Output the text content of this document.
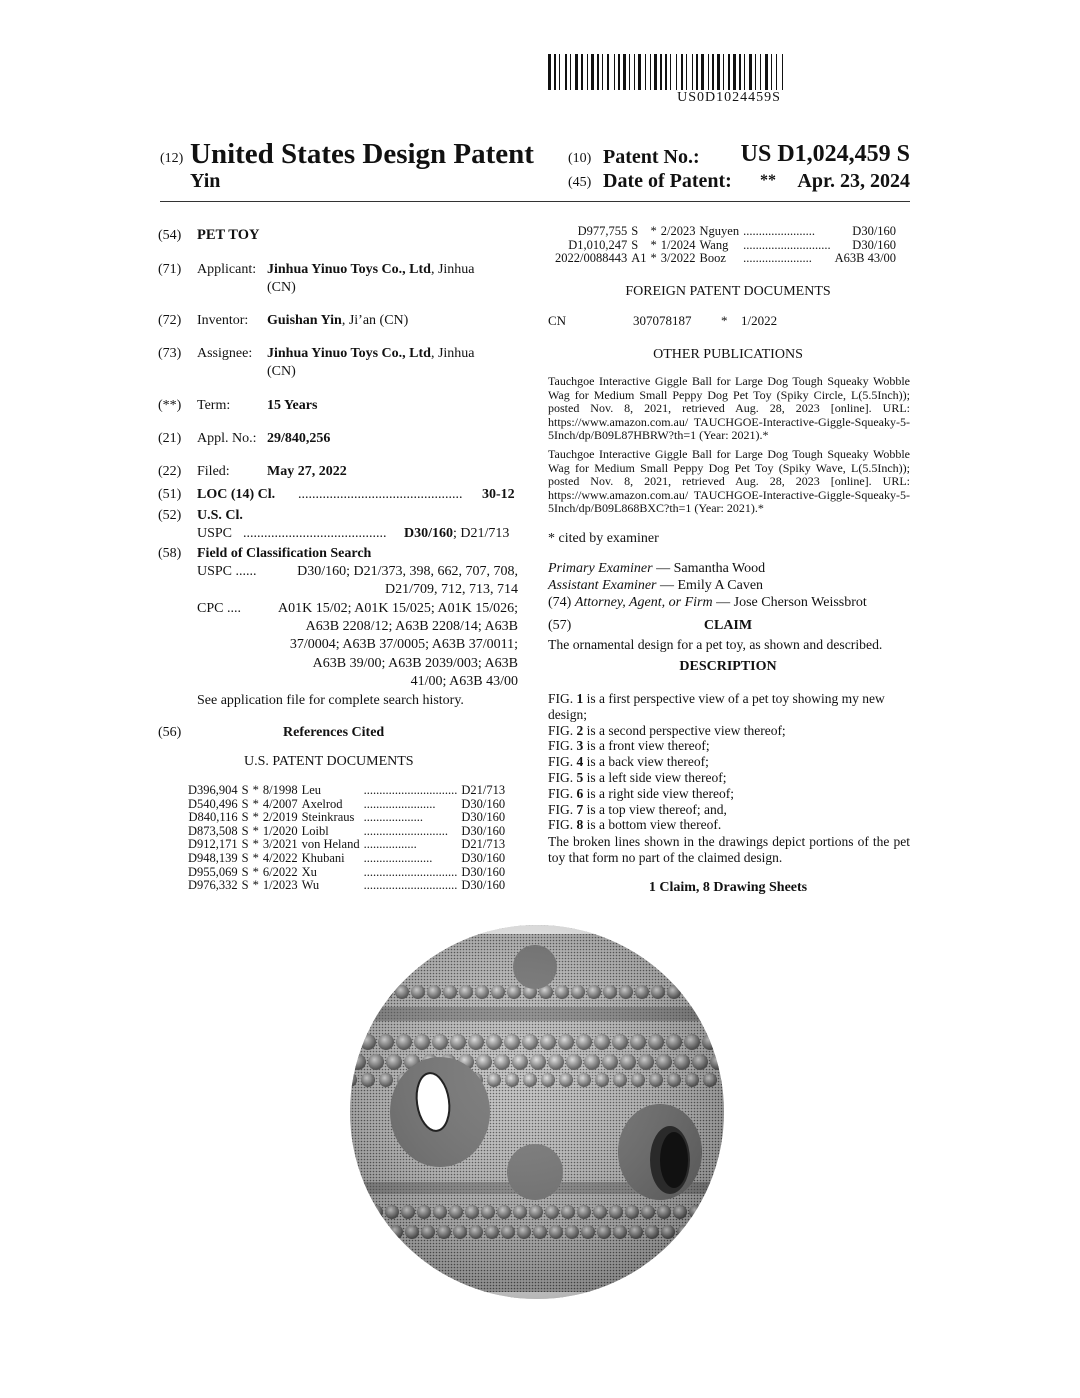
US0D1024459S
(12) United States Design Patent
Yin
(10) Patent No.: US D1,024,459 S
(45) Date of Patent: ** Apr. 23, 2024
(54) PET TOY
(71) Applicant: Jinhua Yinuo Toys Co., Ltd, Jinhua
(CN)
(72) Inventor: Guishan Yin, Ji’an (CN)
(73) Assignee: Jinhua Yinuo Toys Co., Ltd, Jinhua
(CN)
(**) Term:	15 Years
(21) Appl. No.: 29/840,256
(22) Filed:	May 27, 2022
(51) LOC (14) Cl. ...............................................	30-12
(52) U.S. Cl.
USPC .........................................	D30/160; D21/713
(58) Field of Classification Search
USPC ......	D30/160; D21/373, 398, 662, 707, 708,
D21/709, 712, 713, 714
CPC ....	A01K 15/02; A01K 15/025; A01K 15/026;
A63B 2208/12; A63B 2208/14; A63B
37/0004; A63B 37/0005; A63B 37/0011;
A63B 39/00; A63B 2039/003; A63B
41/00; A63B 43/00
See application file for complete search history.
(56)	References Cited
U.S. PATENT DOCUMENTS
D396,904	S	*	8/1998	Leu	..............................	D21/713
D540,496	S	*	4/2007	Axelrod	.......................	D30/160
D840,116	S	*	2/2019	Steinkraus	...................	D30/160
D873,508	S	*	1/2020	Loibl	...........................	D30/160
D912,171	S	*	3/2021	von Heland	.................	D21/713
D948,139	S	*	4/2022	Khubani	......................	D30/160
D955,069	S	*	6/2022	Xu	..............................	D30/160
D976,332	S	*	1/2023	Wu	..............................	D30/160
D977,755	S	*	2/2023	Nguyen	.......................	D30/160
D1,010,247	S	*	1/2024	Wang	............................	D30/160
2022/0088443	A1	*	3/2022	Booz	......................	A63B 43/00
FOREIGN PATENT DOCUMENTS
CN	307078187 * 1/2022
OTHER PUBLICATIONS
Tauchgoe Interactive Giggle Ball for Large Dog Tough Squeaky Wobble Wag for Medium Small Peppy Dog Pet Toy (Spiky Circle, L(5.5Inch)); posted Nov. 8, 2021, retrieved Aug. 28, 2023 [online]. URL: https://www.amazon.com.au/ TAUCHGOE-Interactive-Giggle-Squeaky-5-5Inch/dp/B09L87HBRW?th=1 (Year: 2021).*
Tauchgoe Interactive Giggle Ball for Large Dog Tough Squeaky Wobble Wag for Medium Small Peppy Dog Pet Toy (Spiky Wave, L(5.5Inch)); posted Nov. 8, 2021, retrieved Aug. 28, 2023 [online]. URL: https://www.amazon.com.au/ TAUCHGOE-Interactive-Giggle-Squeaky-5-5Inch/dp/B09L868BXC?th=1 (Year: 2021).*
* cited by examiner
Primary Examiner — Samantha Wood
Assistant Examiner — Emily A Caven
(74) Attorney, Agent, or Firm — Jose Cherson Weissbrot
(57)	CLAIM
The ornamental design for a pet toy, as shown and described.
DESCRIPTION
FIG. 1 is a first perspective view of a pet toy showing my new design;
FIG. 2 is a second perspective view thereof;
FIG. 3 is a front view thereof;
FIG. 4 is a back view thereof;
FIG. 5 is a left side view thereof;
FIG. 6 is a right side view thereof;
FIG. 7 is a top view thereof; and,
FIG. 8 is a bottom view thereof.
The broken lines shown in the drawings depict portions of the pet toy that form no part of the claimed design.
1 Claim, 8 Drawing Sheets
